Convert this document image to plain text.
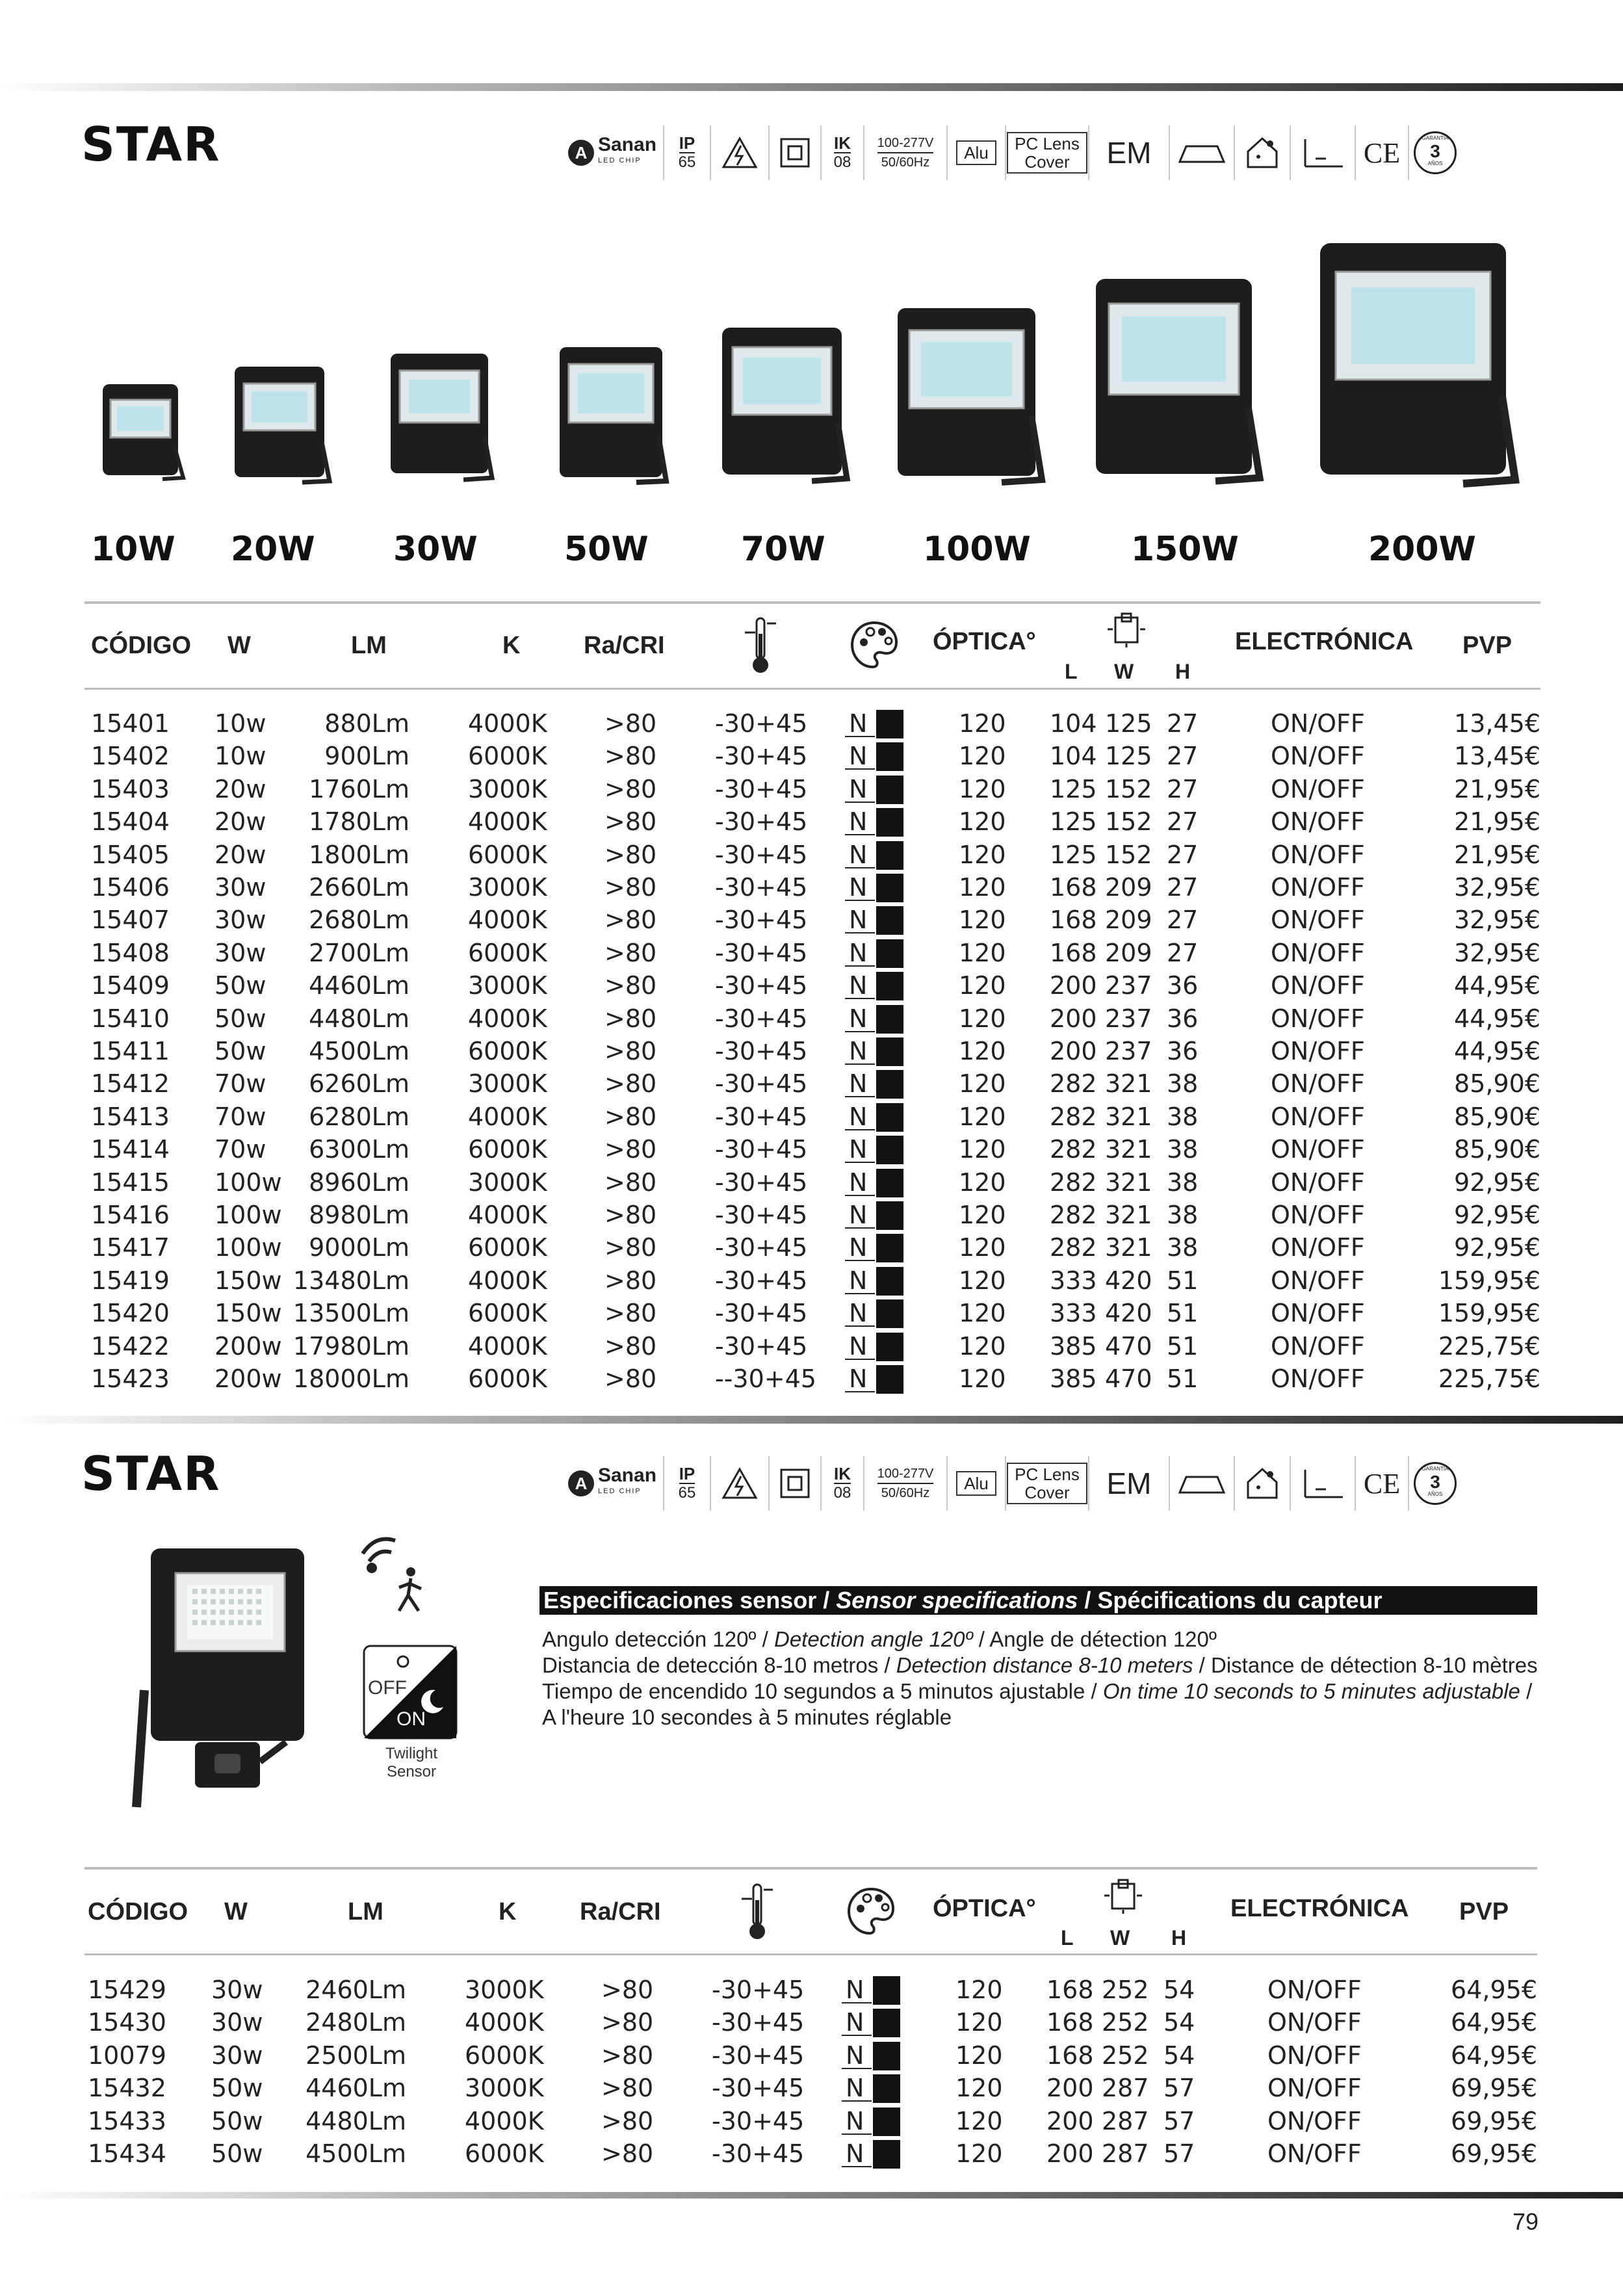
STAR	A Sanan
LED CHIP
IP
65
IK
08
100-277V
50/60Hz	Alu	PC Lens
Cover	EM	CE	GARANTÍA
3
AÑOS
10W 20W 30W	50W	70W	100W	150W	200W
CÓDIGO W	LM	K	Ra/CRI	ÓPTICA°
L W H
ELECTRÓNICA PVP
15401	10w	880Lm 4000K >80 -30+45	120 104 125 27	ON/OFF	13,45€
N
15402	10w	900Lm 6000K >80 -30+45	120 104 125 27	ON/OFF	13,45€
N
15403	20w	1760Lm 3000K >80 -30+45	120 125 152 27	ON/OFF	21,95€
N
15404	20w	1780Lm 4000K >80 -30+45	120 125 152 27	ON/OFF	21,95€
N
15405	20w	1800Lm 6000K >80 -30+45	120 125 152 27	ON/OFF	21,95€
N
15406	30w	2660Lm 3000K >80 -30+45	120 168 209 27	ON/OFF	32,95€
N
15407	30w	2680Lm 4000K >80 -30+45	120 168 209 27	ON/OFF	32,95€
N
15408	30w	2700Lm 6000K >80 -30+45	120 168 209 27	ON/OFF	32,95€
N
15409	50w	4460Lm 3000K >80 -30+45	120 200 237 36	ON/OFF	44,95€
N
15410	50w	4480Lm 4000K >80 -30+45	120 200 237 36	ON/OFF	44,95€
N
15411	50w	4500Lm 6000K >80 -30+45	120 200 237 36	ON/OFF	44,95€
N
15412	70w	6260Lm 3000K >80 -30+45	120 282 321 38	ON/OFF	85,90€
N
15413	70w	6280Lm 4000K >80 -30+45	120 282 321 38	ON/OFF	85,90€
N
15414	70w	6300Lm 6000K >80 -30+45	120 282 321 38	ON/OFF	85,90€
N
15415	100w	8960Lm 3000K >80 -30+45	120 282 321 38	ON/OFF	92,95€
N
15416	100w	8980Lm 4000K >80 -30+45	120 282 321 38	ON/OFF	92,95€
N
15417	100w	9000Lm 6000K >80 -30+45	120 282 321 38	ON/OFF	92,95€
N
15419	150w 13480Lm 4000K >80 -30+45	120 333 420 51	ON/OFF	159,95€
N
15420	150w 13500Lm 6000K >80 -30+45	120 333 420 51	ON/OFF	159,95€
N
15422	200w 17980Lm 4000K >80 -30+45	120 385 470 51	ON/OFF	225,75€
N
15423	200w 18000Lm 6000K >80 --30+45	120 385 470 51	ON/OFF	225,75€
N
STAR	A Sanan
LED CHIP
IP
65
IK
08
100-277V
50/60Hz	Alu	PC Lens
Cover	EM	CE	GARANTÍA
3
AÑOS
OFF
ON
Twilight
Sensor
Especificaciones sensor / Sensor specifications / Spécifications du capteur
Angulo detección 120º / Detection angle 120º / Angle de détection 120º
Distancia de detección 8-10 metros / Detection distance 8-10 meters / Distance de détection 8-10 mètres
Tiempo de encendido 10 segundos a 5 minutos ajustable / On time 10 seconds to 5 minutes adjustable /
A l'heure 10 secondes à 5 minutes réglable
CÓDIGO W	LM	K	Ra/CRI	ÓPTICA°
L W H
ELECTRÓNICA PVP
15429	30w	2460Lm 3000K >80 -30+45	120 168 252 54	ON/OFF	64,95€
N
15430	30w	2480Lm 4000K >80 -30+45	120 168 252 54	ON/OFF	64,95€
N
10079	30w	2500Lm 6000K >80 -30+45	120 168 252 54	ON/OFF	64,95€
N
15432	50w	4460Lm 3000K >80 -30+45	120 200 287 57	ON/OFF	69,95€
N
15433	50w	4480Lm 4000K >80 -30+45	120 200 287 57	ON/OFF	69,95€
N
15434	50w	4500Lm 6000K >80 -30+45	120 200 287 57	ON/OFF	69,95€
N
79
